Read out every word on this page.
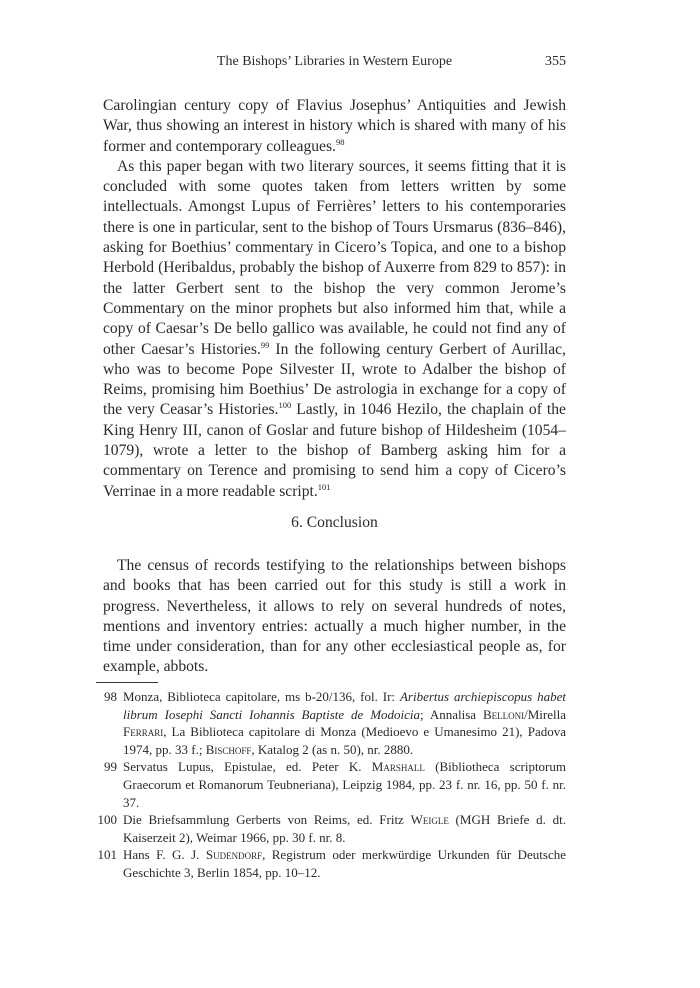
The Bishops’ Libraries in Western Europe	355

Carolingian century copy of Flavius Josephus’ Antiquities and Jewish War, thus showing an interest in history which is shared with many of his former and contemporary colleagues.$^{98}$

As this paper began with two literary sources, it seems fitting that it is concluded with some quotes taken from letters written by some intellectuals. Amongst Lupus of Ferrières’ letters to his contemporaries there is one in particular, sent to the bishop of Tours Ursmarus (836–846), asking for Boethius’ commentary in Cicero’s Topica, and one to a bishop Herbold (Heribaldus, probably the bishop of Auxerre from 829 to 857): in the latter Gerbert sent to the bishop the very common Jerome’s Commentary on the minor prophets but also informed him that, while a copy of Caesar’s De bello gallico was available, he could not find any of other Caesar’s Histories.$^{99}$ In the following century Gerbert of Aurillac, who was to become Pope Silvester II, wrote to Adalber the bishop of Reims, promising him Boethius’ De astrologia in exchange for a copy of the very Ceasar’s Histories.$^{100}$ Lastly, in 1046 Hezilo, the chaplain of the King Henry III, canon of Goslar and future bishop of Hildesheim (1054–1079), wrote a letter to the bishop of Bamberg asking him for a commentary on Terence and promising to send him a copy of Cicero’s Verrinae in a more readable script.$^{101}$

6. Conclusion

The census of records testifying to the relationships between bishops and books that has been carried out for this study is still a work in progress. Nevertheless, it allows to rely on several hundreds of notes, mentions and inventory entries: actually a much higher number, in the time under consideration, than for any other ecclesiastical people as, for example, abbots.

98 Monza, Biblioteca capitolare, ms b-20/136, fol. Ir: Aribertus archiepiscopus habet librum Iosephi Sancti Iohannis Baptiste de Modoicia; Annalisa Belloni/Mirella Ferrari, La Biblioteca capitolare di Monza (Medioevo e Umanesimo 21), Padova 1974, pp. 33 f.; Bischoff, Katalog 2 (as n. 50), nr. 2880.
99 Servatus Lupus, Epistulae, ed. Peter K. Marshall (Bibliotheca scriptorum Graecorum et Romanorum Teubneriana), Leipzig 1984, pp. 23 f. nr. 16, pp. 50 f. nr. 37.
100 Die Briefsammlung Gerberts von Reims, ed. Fritz Weigle (MGH Briefe d. dt. Kaiserzeit 2), Weimar 1966, pp. 30 f. nr. 8.
101 Hans F. G. J. Sudendorf, Registrum oder merkwürdige Urkunden für Deutsche Geschichte 3, Berlin 1854, pp. 10–12.
